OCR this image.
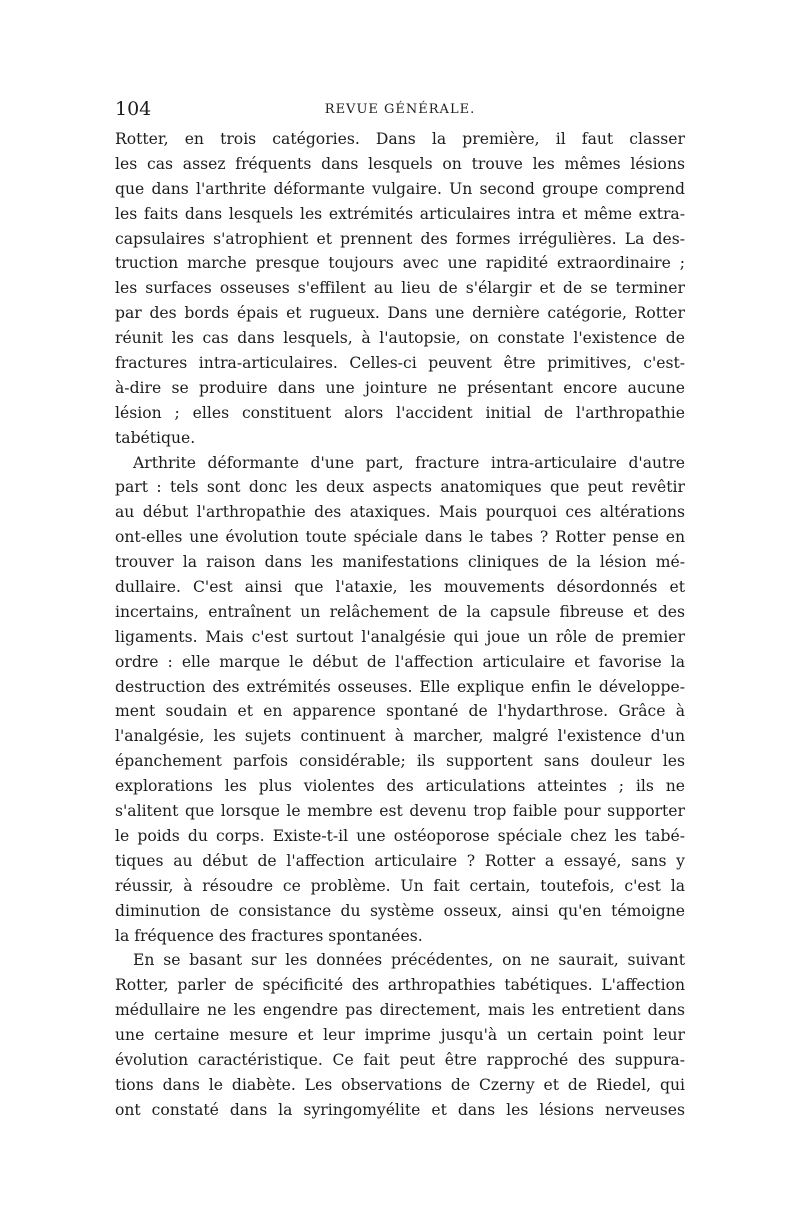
104	REVUE GÉNÉRALE.
Rotter, en trois catégories. Dans la première, il faut classer
les cas assez fréquents dans lesquels on trouve les mêmes lésions
que dans l'arthrite déformante vulgaire. Un second groupe comprend
les faits dans lesquels les extrémités articulaires intra et même extra-
capsulaires s'atrophient et prennent des formes irrégulières. La des-
truction marche presque toujours avec une rapidité extraordinaire ;
les surfaces osseuses s'effilent au lieu de s'élargir et de se terminer
par des bords épais et rugueux. Dans une dernière catégorie, Rotter
réunit les cas dans lesquels, à l'autopsie, on constate l'existence de
fractures intra-articulaires. Celles-ci peuvent être primitives, c'est-
à-dire se produire dans une jointure ne présentant encore aucune
lésion ; elles constituent alors l'accident initial de l'arthropathie
tabétique.
Arthrite déformante d'une part, fracture intra-articulaire d'autre
part : tels sont donc les deux aspects anatomiques que peut revêtir
au début l'arthropathie des ataxiques. Mais pourquoi ces altérations
ont-elles une évolution toute spéciale dans le tabes ? Rotter pense en
trouver la raison dans les manifestations cliniques de la lésion mé-
dullaire. C'est ainsi que l'ataxie, les mouvements désordonnés et
incertains, entraînent un relâchement de la capsule fibreuse et des
ligaments. Mais c'est surtout l'analgésie qui joue un rôle de premier
ordre : elle marque le début de l'affection articulaire et favorise la
destruction des extrémités osseuses. Elle explique enfin le développe-
ment soudain et en apparence spontané de l'hydarthrose. Grâce à
l'analgésie, les sujets continuent à marcher, malgré l'existence d'un
épanchement parfois considérable; ils supportent sans douleur les
explorations les plus violentes des articulations atteintes ; ils ne
s'alitent que lorsque le membre est devenu trop faible pour supporter
le poids du corps. Existe-t-il une ostéoporose spéciale chez les tabé-
tiques au début de l'affection articulaire ? Rotter a essayé, sans y
réussir, à résoudre ce problème. Un fait certain, toutefois, c'est la
diminution de consistance du système osseux, ainsi qu'en témoigne
la fréquence des fractures spontanées.
En se basant sur les données précédentes, on ne saurait, suivant
Rotter, parler de spécificité des arthropathies tabétiques. L'affection
médullaire ne les engendre pas directement, mais les entretient dans
une certaine mesure et leur imprime jusqu'à un certain point leur
évolution caractéristique. Ce fait peut être rapproché des suppura-
tions dans le diabète. Les observations de Czerny et de Riedel, qui
ont constaté dans la syringomyélite et dans les lésions nerveuses
